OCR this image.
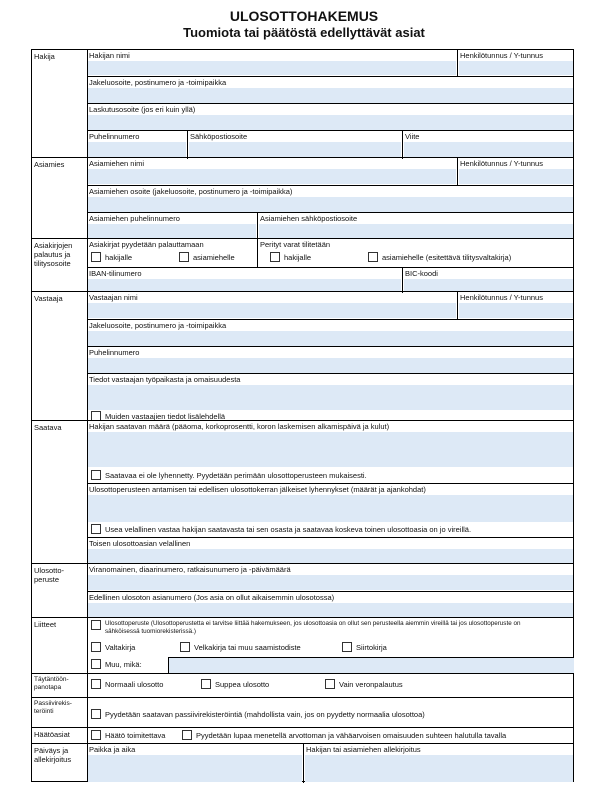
ULOSOTTOHAKEMUS
Tuomiota tai päätöstä edellyttävät asiat
Hakija	Hakijan nimi	Henkilötunnus / Y-tunnus
Jakeluosoite, postinumero ja -toimipaikka
Laskutusosoite (jos eri kuin yllä)
Puhelinnumero	Sähköpostiosoite	Viite
Asiamies	Asiamiehen nimi	Henkilötunnus / Y-tunnus
Asiamiehen osoite (jakeluosoite, postinumero ja -toimipaikka)
Asiamiehen puhelinnumero	Asiamiehen sähköpostiosoite
Asiakirjojen palautus ja tilitysosoite
Asiakirjat pyydetään palauttamaan
hakijalle	asiamiehelle
Perityt varat tilitetään
hakijalle	asiamiehelle (esitettävä tilitysvaltakirja)
IBAN-tilinumero	BIC-koodi
Vastaaja	Vastaajan nimi	Henkilötunnus / Y-tunnus
Jakeluosoite, postinumero ja -toimipaikka
Puhelinnumero
Tiedot vastaajan työpaikasta ja omaisuudesta
Muiden vastaajien tiedot lisälehdellä
Saatava	Hakijan saatavan määrä (pääoma, korkoprosentti, koron laskemisen alkamispäivä ja kulut)
Saatavaa ei ole lyhennetty. Pyydetään perimään ulosottoperusteen mukaisesti.
Ulosottoperusteen antamisen tai edellisen ulosottokerran jälkeiset lyhennykset (määrät ja ajankohdat)
Usea velallinen vastaa hakijan saatavasta tai sen osasta ja saatavaa koskeva toinen ulosottoasia on jo vireillä.
Toisen ulosottoasian velallinen
Ulosotto-peruste
Viranomainen, diaarinumero, ratkaisunumero ja -päivämäärä
Edellinen ulosoton asianumero (Jos asia on ollut aikaisemmin ulosotossa)
Liitteet	Ulosottoperuste (Ulosottoperustetta ei tarvitse liittää hakemukseen, jos ulosottoasia on ollut sen perusteella aiemmin vireillä tai jos ulosottoperuste on sähköisessä tuomiorekisterissä.)
Valtakirja	Velkakirja tai muu saamistodiste	Siirtokirja
Muu, mikä:
Täytäntöön-panotapa	Normaali ulosotto	Suppea ulosotto	Vain veronpalautus
Passiivirekis-teröinti	Pyydetään saatavan passiivirekisteröintiä (mahdollista vain, jos on pyydetty normaalia ulosottoa)
Häätöasiat	Häätö toimitettava	Pyydetään lupaa menetellä arvottoman ja vähäarvoisen omaisuuden suhteen halutulla tavalla
Päiväys ja allekirjoitus
Paikka ja aika	Hakijan tai asiamiehen allekirjoitus
